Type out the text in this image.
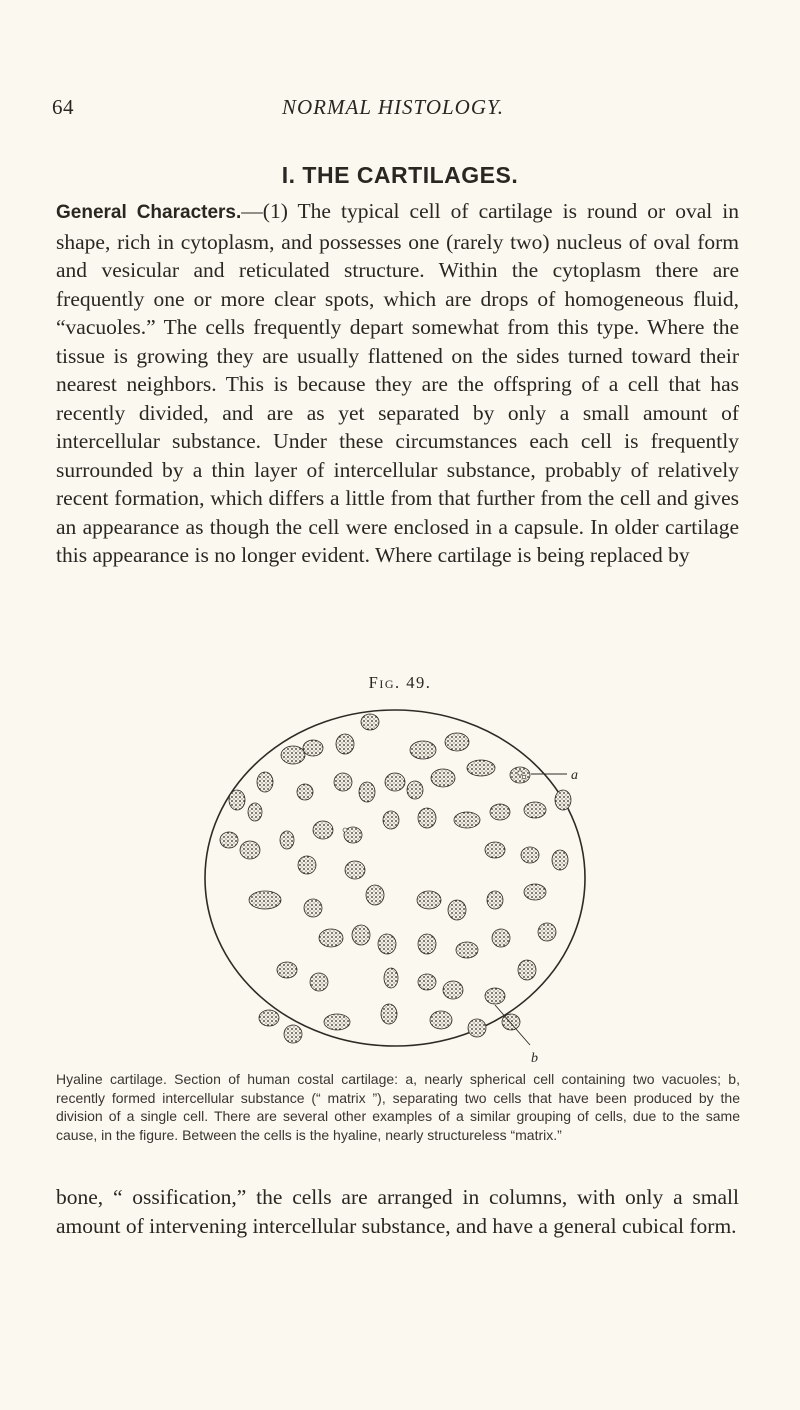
64	NORMAL HISTOLOGY.
I. THE CARTILAGES.

General Characters.—(1) The typical cell of cartilage is round or oval in shape, rich in cytoplasm, and possesses one (rarely two) nucleus of oval form and vesicular and reticulated structure. Within the cytoplasm there are frequently one or more clear spots, which are drops of homogeneous fluid, “vacuoles.” The cells frequently depart somewhat from this type. Where the tissue is growing they are usually flattened on the sides turned toward their nearest neighbors. This is because they are the offspring of a cell that has recently divided, and are as yet separated by only a small amount of intercellular substance. Under these circumstances each cell is frequently surrounded by a thin layer of intercellular substance, probably of relatively recent formation, which differs a little from that further from the cell and gives an appearance as though the cell were enclosed in a capsule. In older cartilage this appearance is no longer evident. Where cartilage is being replaced by

Fig. 49.
a
b

Hyaline cartilage. Section of human costal cartilage: a, nearly spherical cell containing two vacuoles; b, recently formed intercellular substance (“ matrix ”), separating two cells that have been produced by the division of a single cell. There are several other examples of a similar grouping of cells, due to the same cause, in the figure. Between the cells is the hyaline, nearly structureless “matrix.”

bone, “ ossification,” the cells are arranged in columns, with only a small amount of intervening intercellular substance, and have a general cubical form.
